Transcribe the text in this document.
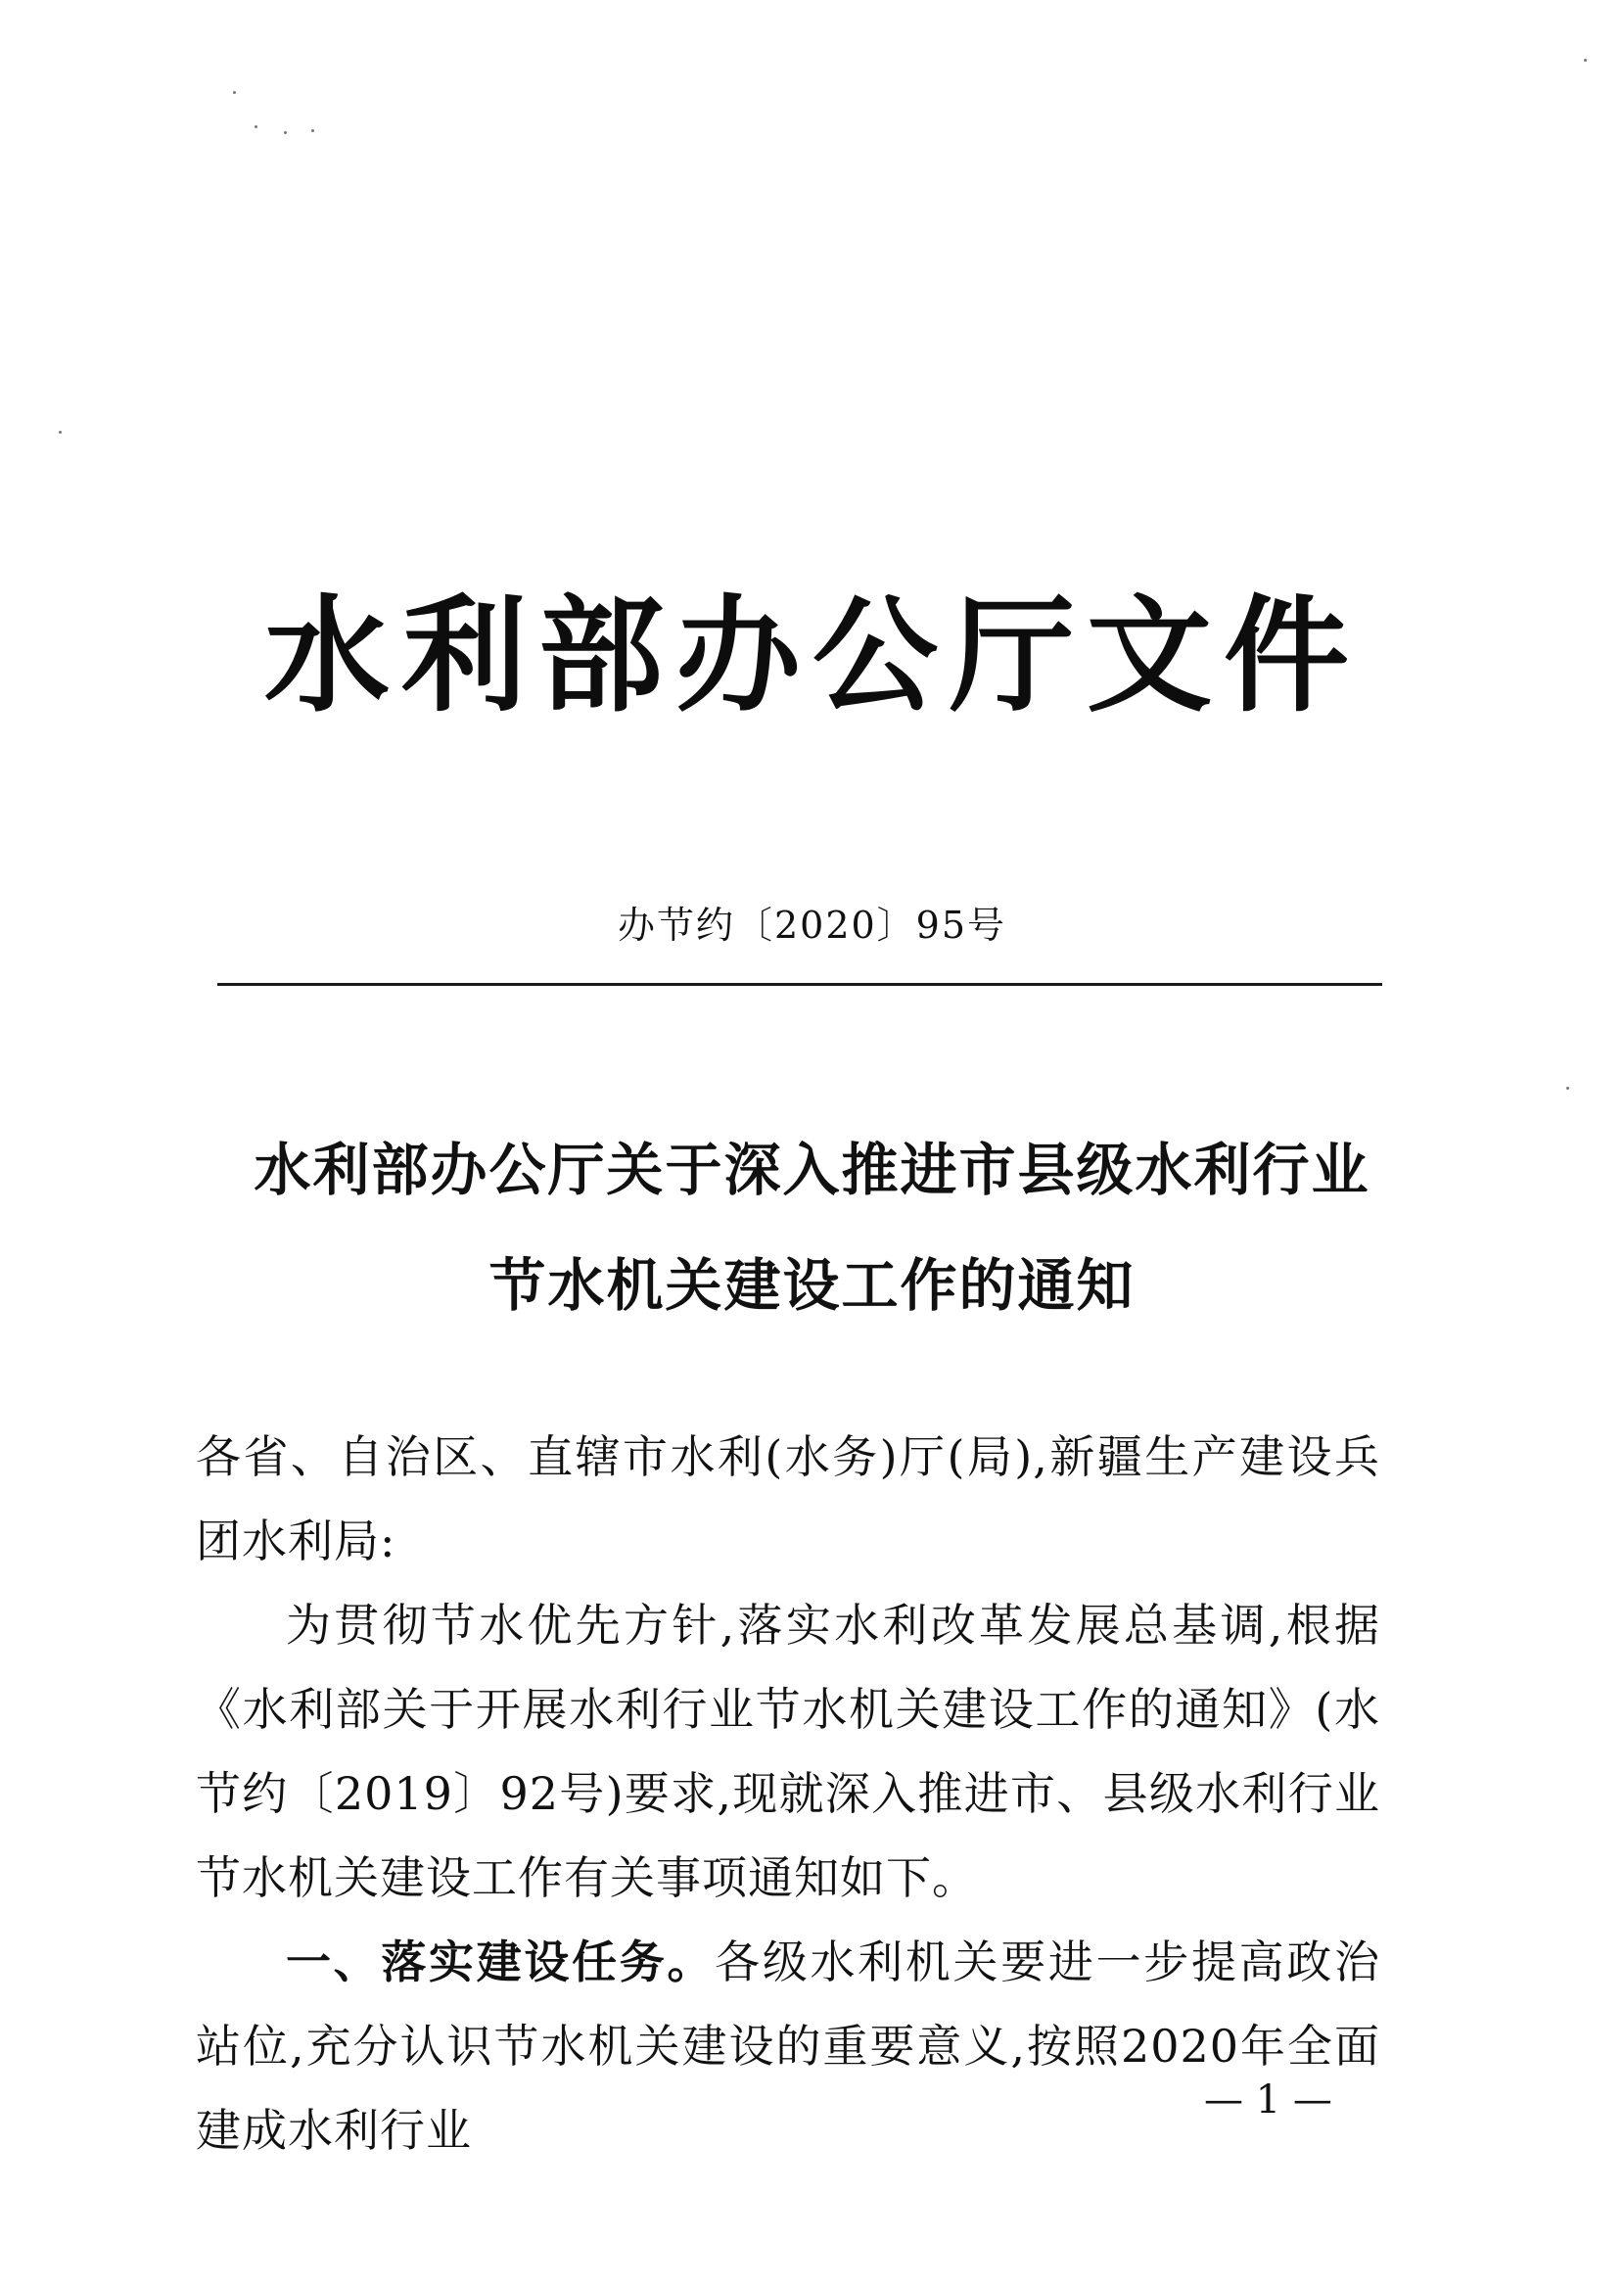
水利部办公厅文件
办节约〔2020〕95号
水利部办公厅关于深入推进市县级水利行业
节水机关建设工作的通知

各省、自治区、直辖市水利(水务)厅(局),新疆生产建设兵团水利局:

为贯彻节水优先方针,落实水利改革发展总基调,根据《水利部关于开展水利行业节水机关建设工作的通知》(水节约〔2019〕92号)要求,现就深入推进市、县级水利行业节水机关建设工作有关事项通知如下。

一、落实建设任务。各级水利机关要进一步提高政治站位,充分认识节水机关建设的重要意义,按照2020年全面建成水利行业

— 1 —
